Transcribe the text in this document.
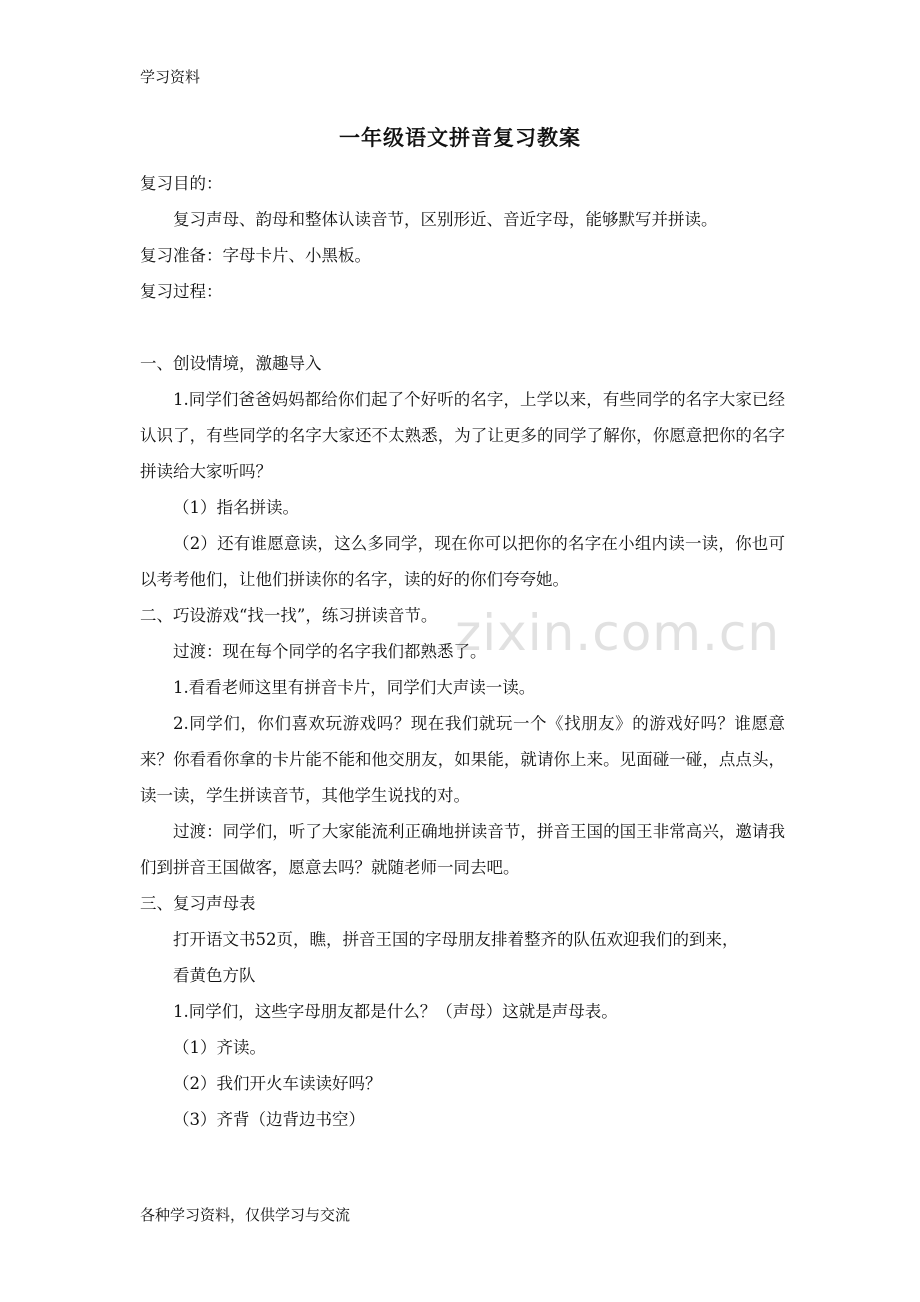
学习资料
一年级语文拼音复习教案
zixin.com.cn

复习目的：

复习声母、韵母和整体认读音节，区别形近、音近字母，能够默写并拼读。

复习准备：字母卡片、小黑板。

复习过程：

一、创设情境，激趣导入

1.同学们爸爸妈妈都给你们起了个好听的名字，上学以来，有些同学的名字大家已经认识了，有些同学的名字大家还不太熟悉，为了让更多的同学了解你，你愿意把你的名字拼读给大家听吗？

（1）指名拼读。

（2）还有谁愿意读，这么多同学，现在你可以把你的名字在小组内读一读，你也可以考考他们，让他们拼读你的名字，读的好的你们夸夸她。

二、巧设游戏“找一找”，练习拼读音节。

过渡：现在每个同学的名字我们都熟悉了。

1.看看老师这里有拼音卡片，同学们大声读一读。

2.同学们，你们喜欢玩游戏吗？现在我们就玩一个《找朋友》的游戏好吗？谁愿意来？你看看你拿的卡片能不能和他交朋友，如果能，就请你上来。见面碰一碰，点点头，读一读，学生拼读音节，其他学生说找的对。

过渡：同学们，听了大家能流利正确地拼读音节，拼音王国的国王非常高兴，邀请我们到拼音王国做客，愿意去吗？就随老师一同去吧。

三、复习声母表

打开语文书52页，瞧，拼音王国的字母朋友排着整齐的队伍欢迎我们的到来，

看黄色方队

1.同学们，这些字母朋友都是什么？（声母）这就是声母表。

（1）齐读。

（2）我们开火车读读好吗？

（3）齐背（边背边书空）

各种学习资料，仅供学习与交流
